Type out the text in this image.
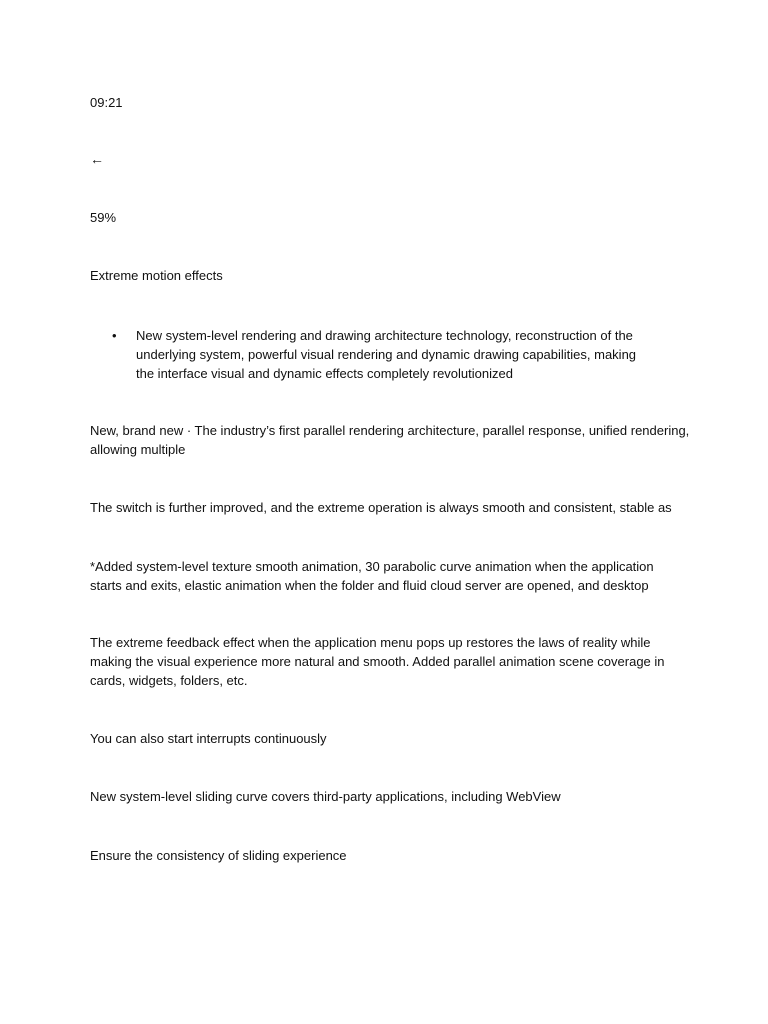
09:21

←

59%

Extreme motion effects

•	New system-level rendering and drawing architecture technology, reconstruction of the underlying system, powerful visual rendering and dynamic drawing capabilities, making the interface visual and dynamic effects completely revolutionized

New, brand new · The industry’s first parallel rendering architecture, parallel response, unified rendering, allowing multiple

The switch is further improved, and the extreme operation is always smooth and consistent, stable as

*Added system-level texture smooth animation, 30 parabolic curve animation when the application starts and exits, elastic animation when the folder and fluid cloud server are opened, and desktop

The extreme feedback effect when the application menu pops up restores the laws of reality while making the visual experience more natural and smooth. Added parallel animation scene coverage in cards, widgets, folders, etc.

You can also start interrupts continuously

New system-level sliding curve covers third-party applications, including WebView

Ensure the consistency of sliding experience
